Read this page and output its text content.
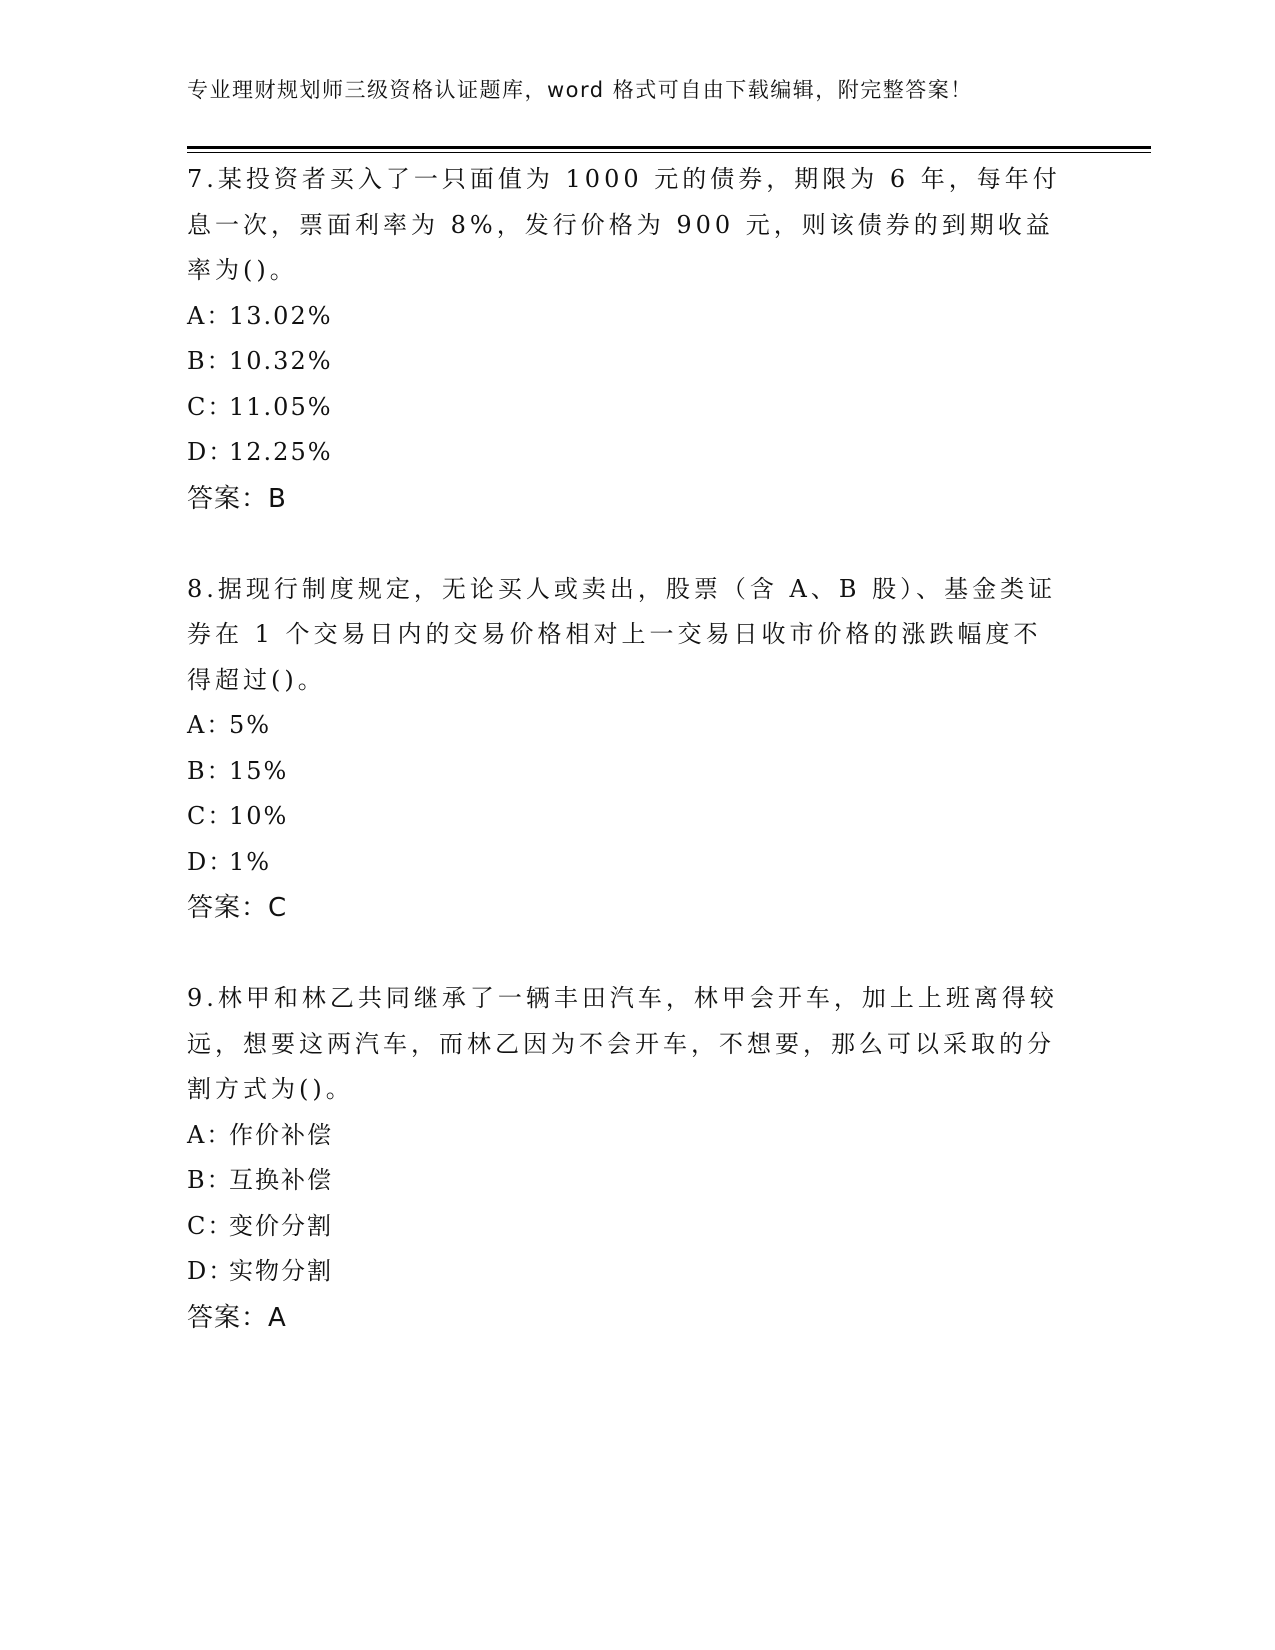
专业理财规划师三级资格认证题库，word 格式可自由下载编辑，附完整答案！

7.某投资者买入了一只面值为 1000 元的债券，期限为 6 年，每年付息一次，票面利率为 8%，发行价格为 900 元，则该债券的到期收益率为()。

A：13.02%
B：10.32%
C：11.05%
D：12.25%
答案：B

8.据现行制度规定，无论买人或卖出，股票（含 A、B 股）、基金类证券在 1 个交易日内的交易价格相对上一交易日收市价格的涨跌幅度不得超过()。

A：5%
B：15%
C：10%
D：1%
答案：C

9.林甲和林乙共同继承了一辆丰田汽车，林甲会开车，加上上班离得较远，想要这两汽车，而林乙因为不会开车，不想要，那么可以采取的分割方式为()。

A：作价补偿
B：互换补偿
C：变价分割
D：实物分割
答案：A
